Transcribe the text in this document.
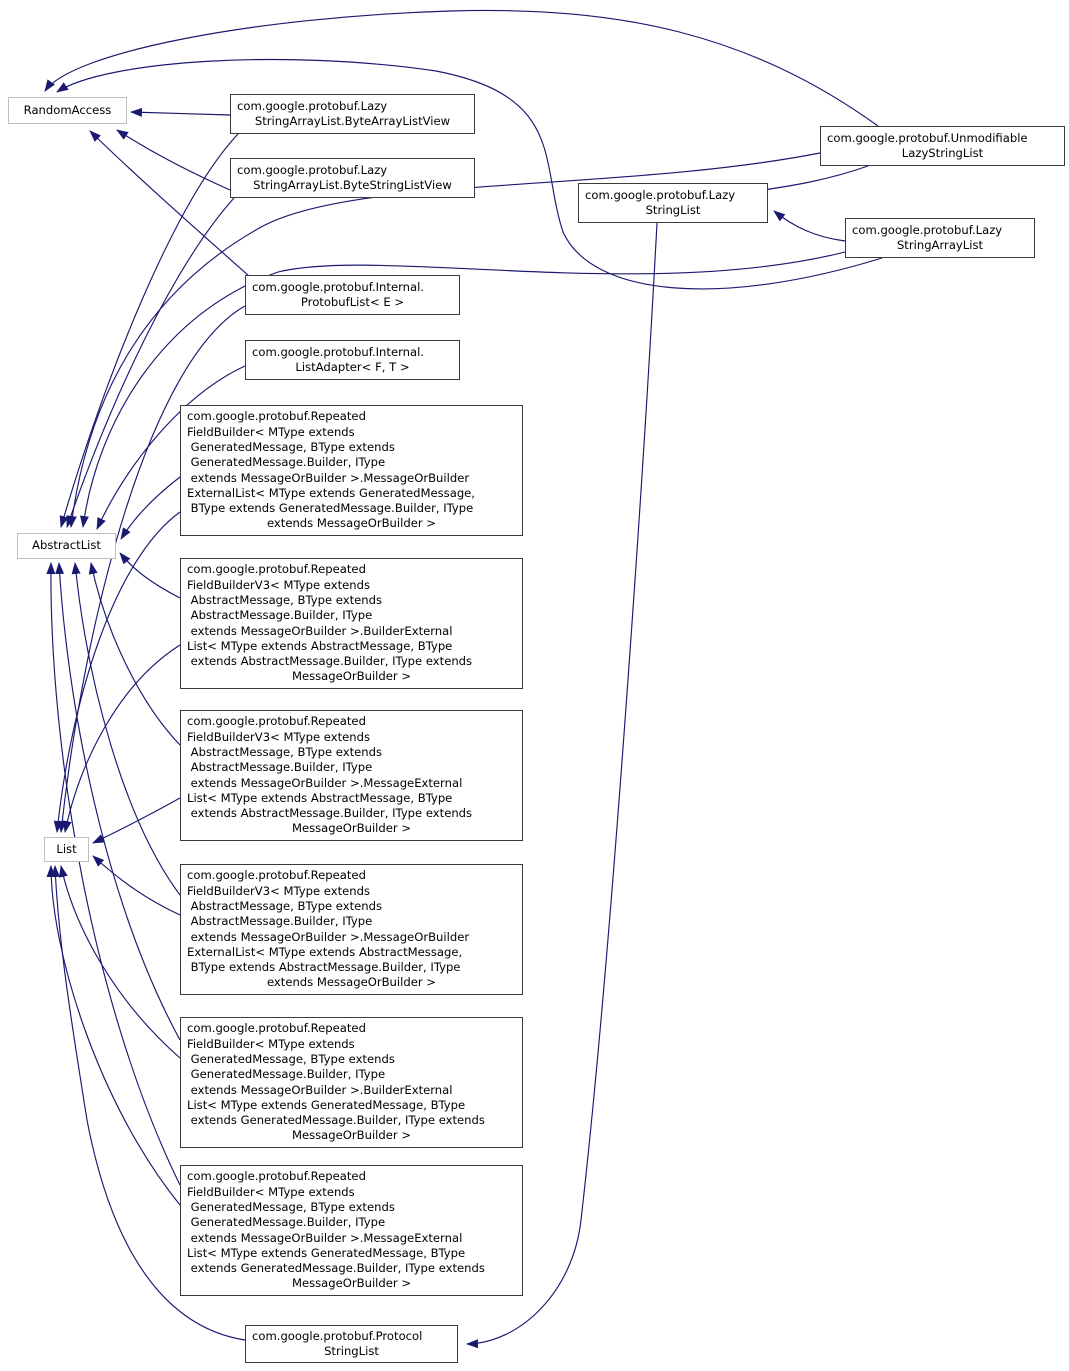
RandomAccess	com.google.protobuf.Lazy
StringArrayList.ByteArrayListView
com.google.protobuf.Lazy
StringArrayList.ByteStringListView
com.google.protobuf.Unmodifiable
LazyStringList
com.google.protobuf.Lazy
StringList
com.google.protobuf.Lazy
StringArrayList
com.google.protobuf.Internal.
ProtobufList< E >
com.google.protobuf.Internal.
ListAdapter< F, T >
com.google.protobuf.Repeated
FieldBuilder< MType extends
GeneratedMessage, BType extends
GeneratedMessage.Builder, IType
extends MessageOrBuilder >.MessageOrBuilder
ExternalList< MType extends GeneratedMessage,
BType extends GeneratedMessage.Builder, IType
extends MessageOrBuilder >
AbstractList
com.google.protobuf.Repeated
FieldBuilderV3< MType extends
AbstractMessage, BType extends
AbstractMessage.Builder, IType
extends MessageOrBuilder >.BuilderExternal
List< MType extends AbstractMessage, BType
extends AbstractMessage.Builder, IType extends
MessageOrBuilder >
com.google.protobuf.Repeated
FieldBuilderV3< MType extends
AbstractMessage, BType extends
AbstractMessage.Builder, IType
extends MessageOrBuilder >.MessageExternal
List< MType extends AbstractMessage, BType
extends AbstractMessage.Builder, IType extends
MessageOrBuilder >
List
com.google.protobuf.Repeated
FieldBuilderV3< MType extends
AbstractMessage, BType extends
AbstractMessage.Builder, IType
extends MessageOrBuilder >.MessageOrBuilder
ExternalList< MType extends AbstractMessage,
BType extends AbstractMessage.Builder, IType
extends MessageOrBuilder >
com.google.protobuf.Repeated
FieldBuilder< MType extends
GeneratedMessage, BType extends
GeneratedMessage.Builder, IType
extends MessageOrBuilder >.BuilderExternal
List< MType extends GeneratedMessage, BType
extends GeneratedMessage.Builder, IType extends
MessageOrBuilder >
com.google.protobuf.Repeated
FieldBuilder< MType extends
GeneratedMessage, BType extends
GeneratedMessage.Builder, IType
extends MessageOrBuilder >.MessageExternal
List< MType extends GeneratedMessage, BType
extends GeneratedMessage.Builder, IType extends
MessageOrBuilder >
com.google.protobuf.Protocol
StringList
